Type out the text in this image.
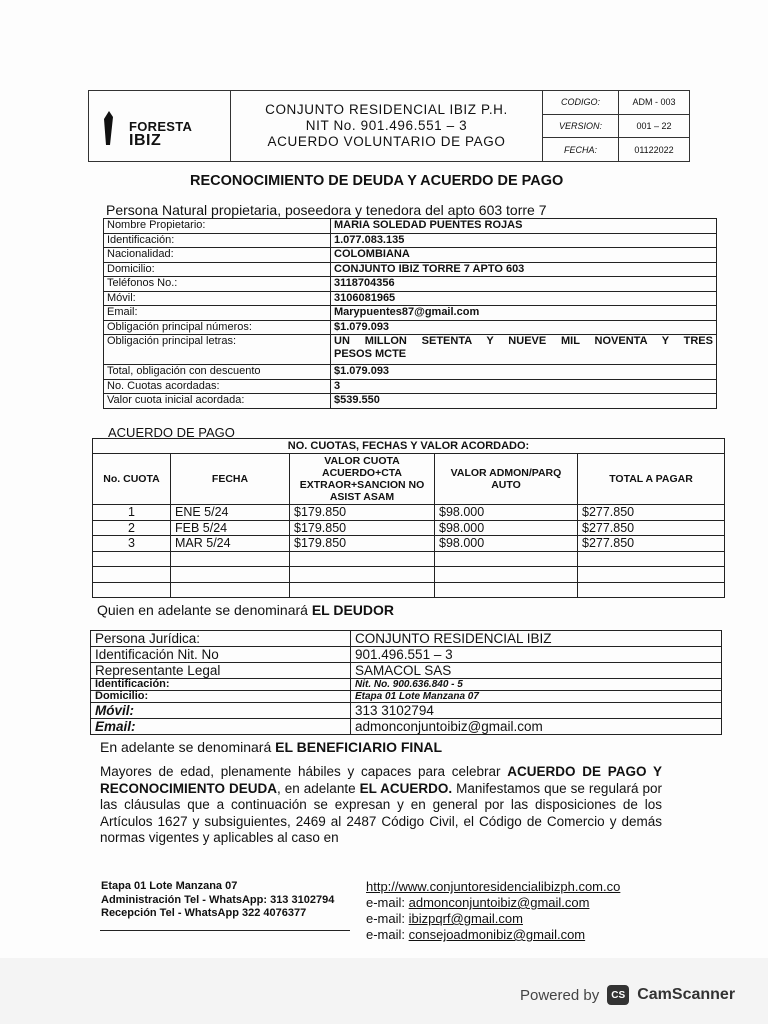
FORESTA
IBIZ
CONJUNTO RESIDENCIAL IBIZ P.H.
NIT No. 901.496.551 – 3
ACUERDO VOLUNTARIO DE PAGO
CODIGO:	ADM - 003
VERSION:	001 – 22
FECHA:	01122022
RECONOCIMIENTO DE DEUDA Y ACUERDO DE PAGO
Persona Natural propietaria, poseedora y tenedora del apto 603 torre 7
Nombre Propietario:	MARIA SOLEDAD PUENTES ROJAS
Identificación:	1.077.083.135
Nacionalidad:	COLOMBIANA
Domicilio:	CONJUNTO IBIZ TORRE 7 APTO 603
Teléfonos No.:	3118704356
Móvil:	3106081965
Email:	Marypuentes87@gmail.com
Obligación principal números:	$1.079.093
Obligación principal letras:	UN MILLON SETENTA Y NUEVE MIL NOVENTA Y TRES
PESOS MCTE

Total, obligación con descuento	$1.079.093
No. Cuotas acordadas:	3
Valor cuota inicial acordada:	$539.550
ACUERDO DE PAGO
NO. CUOTAS, FECHAS Y VALOR ACORDADO:				
No. CUOTA	FECHA	VALOR CUOTA ACUERDO+CTA EXTRAOR+SANCION NO ASIST ASAM	VALOR ADMON/PARQ AUTO	TOTAL A PAGAR
1	ENE 5/24	$179.850	$98.000	$277.850
2	FEB 5/24	$179.850	$98.000	$277.850
3	MAR 5/24	$179.850	$98.000	$277.850

Quien en adelante se denominará EL DEUDOR
Persona Jurídica:	CONJUNTO RESIDENCIAL IBIZ
Identificación Nit. No	901.496.551 – 3
Representante Legal	SAMACOL SAS
Identificación:	Nit. No. 900.636.840 - 5
Domicilio:	Etapa 01 Lote Manzana 07
Móvil:	313 3102794
Email:	admonconjuntoibiz@gmail.com
En adelante se denominará EL BENEFICIARIO FINAL
Mayores de edad, plenamente hábiles y capaces para celebrar ACUERDO DE PAGO Y RECONOCIMIENTO DEUDA, en adelante EL ACUERDO. Manifestamos que se regulará por las cláusulas que a continuación se expresan y en general por las disposiciones de los Artículos 1627 y subsiguientes, 2469 al 2487 Código Civil, el Código de Comercio y demás normas vigentes y aplicables al caso en
Etapa 01 Lote Manzana 07
Administración Tel - WhatsApp: 313 3102794
Recepción Tel - WhatsApp 322 4076377
http://www.conjuntoresidencialibizph.com.co
e-mail: admonconjuntoibiz@gmail.com
e-mail: ibizpqrf@gmail.com
e-mail: consejoadmonibiz@gmail.com
Powered by	CS CamScanner
